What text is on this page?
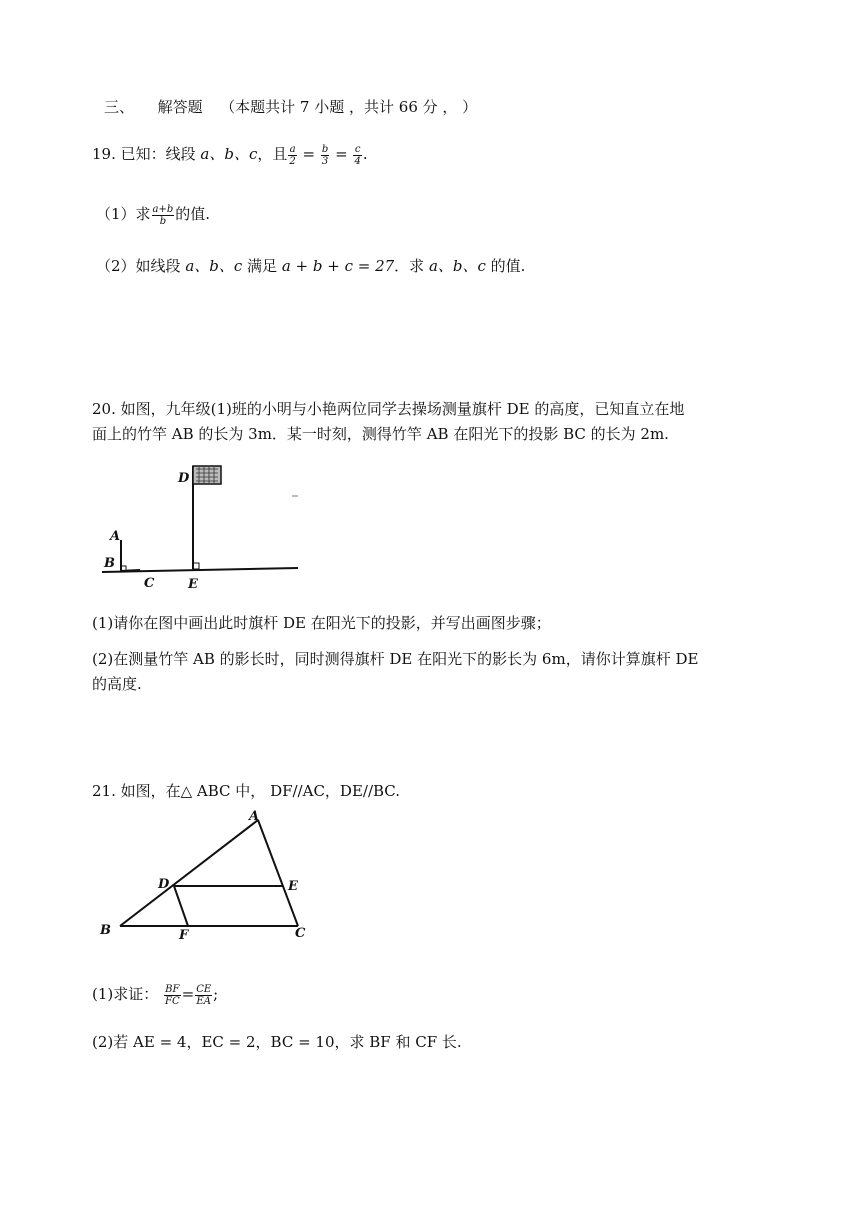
三、 解答题 （本题共计 7 小题 ，共计 66 分 ， ）
19. 已知：线段 a、b、c，且 $\frac{a}{2} = \frac{b}{3} = \frac{c}{4}$ .
（1）求 $\frac{a+b}{b}$ 的值.
（2）如线段 a、b、c 满足 a + b + c = 27．求 a、b、c 的值.
20. 如图，九年级(1)班的小明与小艳两位同学去操场测量旗杆 DE 的高度，已知直立在地
面上的竹竿 AB 的长为 3m．某一时刻，测得竹竿 AB 在阳光下的投影 BC 的长为 2m.
D
A
B
C	E
(1)请你在图中画出此时旗杆 DE 在阳光下的投影，并写出画图步骤；
(2)在测量竹竿 AB 的影长时，同时测得旗杆 DE 在阳光下的影长为 6m，请你计算旗杆 DE
的高度.
21. 如图，在△ ABC 中， DF//AC，DE//BC.
A
D	E
B	F	C
(1)求证： $\frac{BF}{FC} = \frac{CE}{EA}$ ;
(2)若 AE = 4，EC = 2，BC = 10，求 BF 和 CF 长.
